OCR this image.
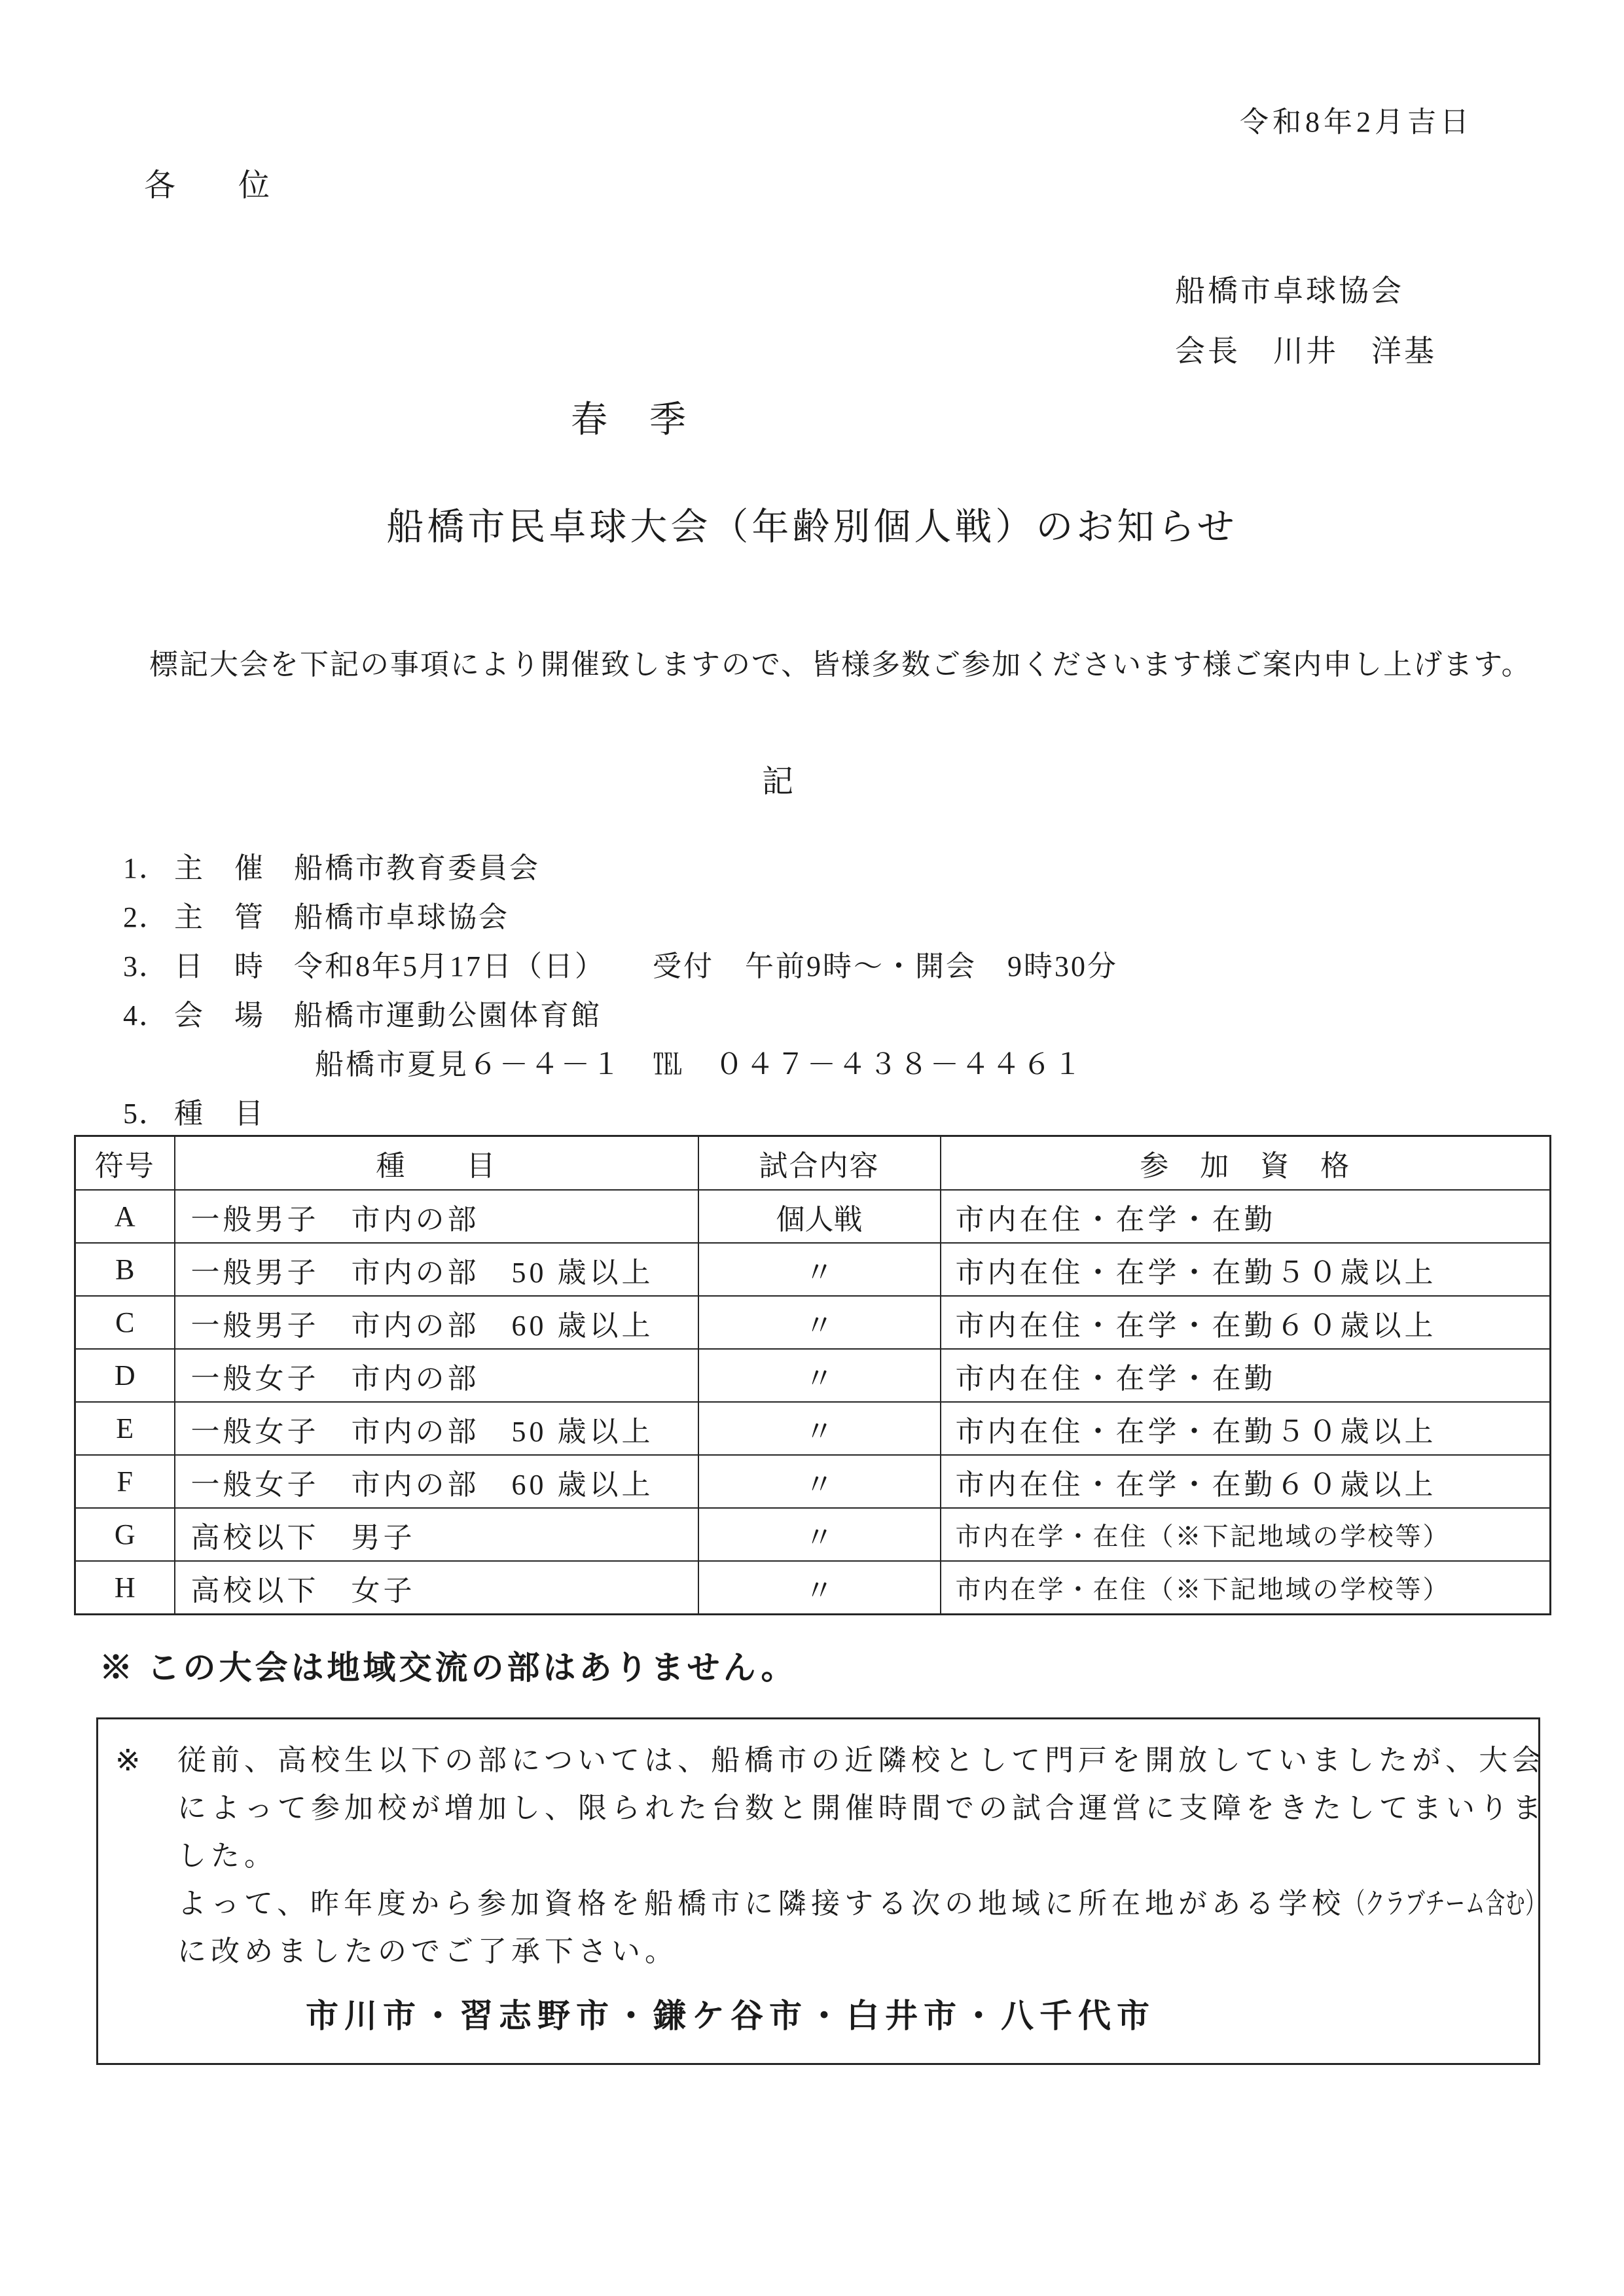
令和8年2月吉日
各　　位
船橋市卓球協会
会長　川井　洋基
春　季
船橋市民卓球大会（年齢別個人戦）のお知らせ
標記大会を下記の事項により開催致しますので、皆様多数ご参加くださいます様ご案内申し上げます。
記
1． 主　催 船橋市教育委員会
2． 主　管 船橋市卓球協会
3． 日　時 令和8年5月17日（日）　　受付　午前9時〜・開会　9時30分
4． 会　場 船橋市運動公園体育館
船橋市夏見６－４－１　℡　０４７－４３８－４４６１
5． 種　目
符号	種　　目	試合内容	参　加　資　格
A	一般男子　市内の部	個人戦	市内在住・在学・在勤
B	一般男子　市内の部　50 歳以上	〃	市内在住・在学・在勤５０歳以上
C	一般男子　市内の部　60 歳以上	〃	市内在住・在学・在勤６０歳以上
D	一般女子　市内の部	〃	市内在住・在学・在勤
E	一般女子　市内の部　50 歳以上	〃	市内在住・在学・在勤５０歳以上
F	一般女子　市内の部　60 歳以上	〃	市内在住・在学・在勤６０歳以上
G	高校以下　男子	〃	市内在学・在住（※下記地域の学校等）
H	高校以下　女子	〃	市内在学・在住（※下記地域の学校等）
※ この大会は地域交流の部はありません。
※	従前、高校生以下の部については、船橋市の近隣校として門戸を開放していましたが、大会
によって参加校が増加し、限られた台数と開催時間での試合運営に支障をきたしてまいりま
した。
よって、昨年度から参加資格を船橋市に隣接する次の地域に所在地がある学校（クラブチーム含む）
に改めましたのでご了承下さい。
市川市・習志野市・鎌ケ谷市・白井市・八千代市
